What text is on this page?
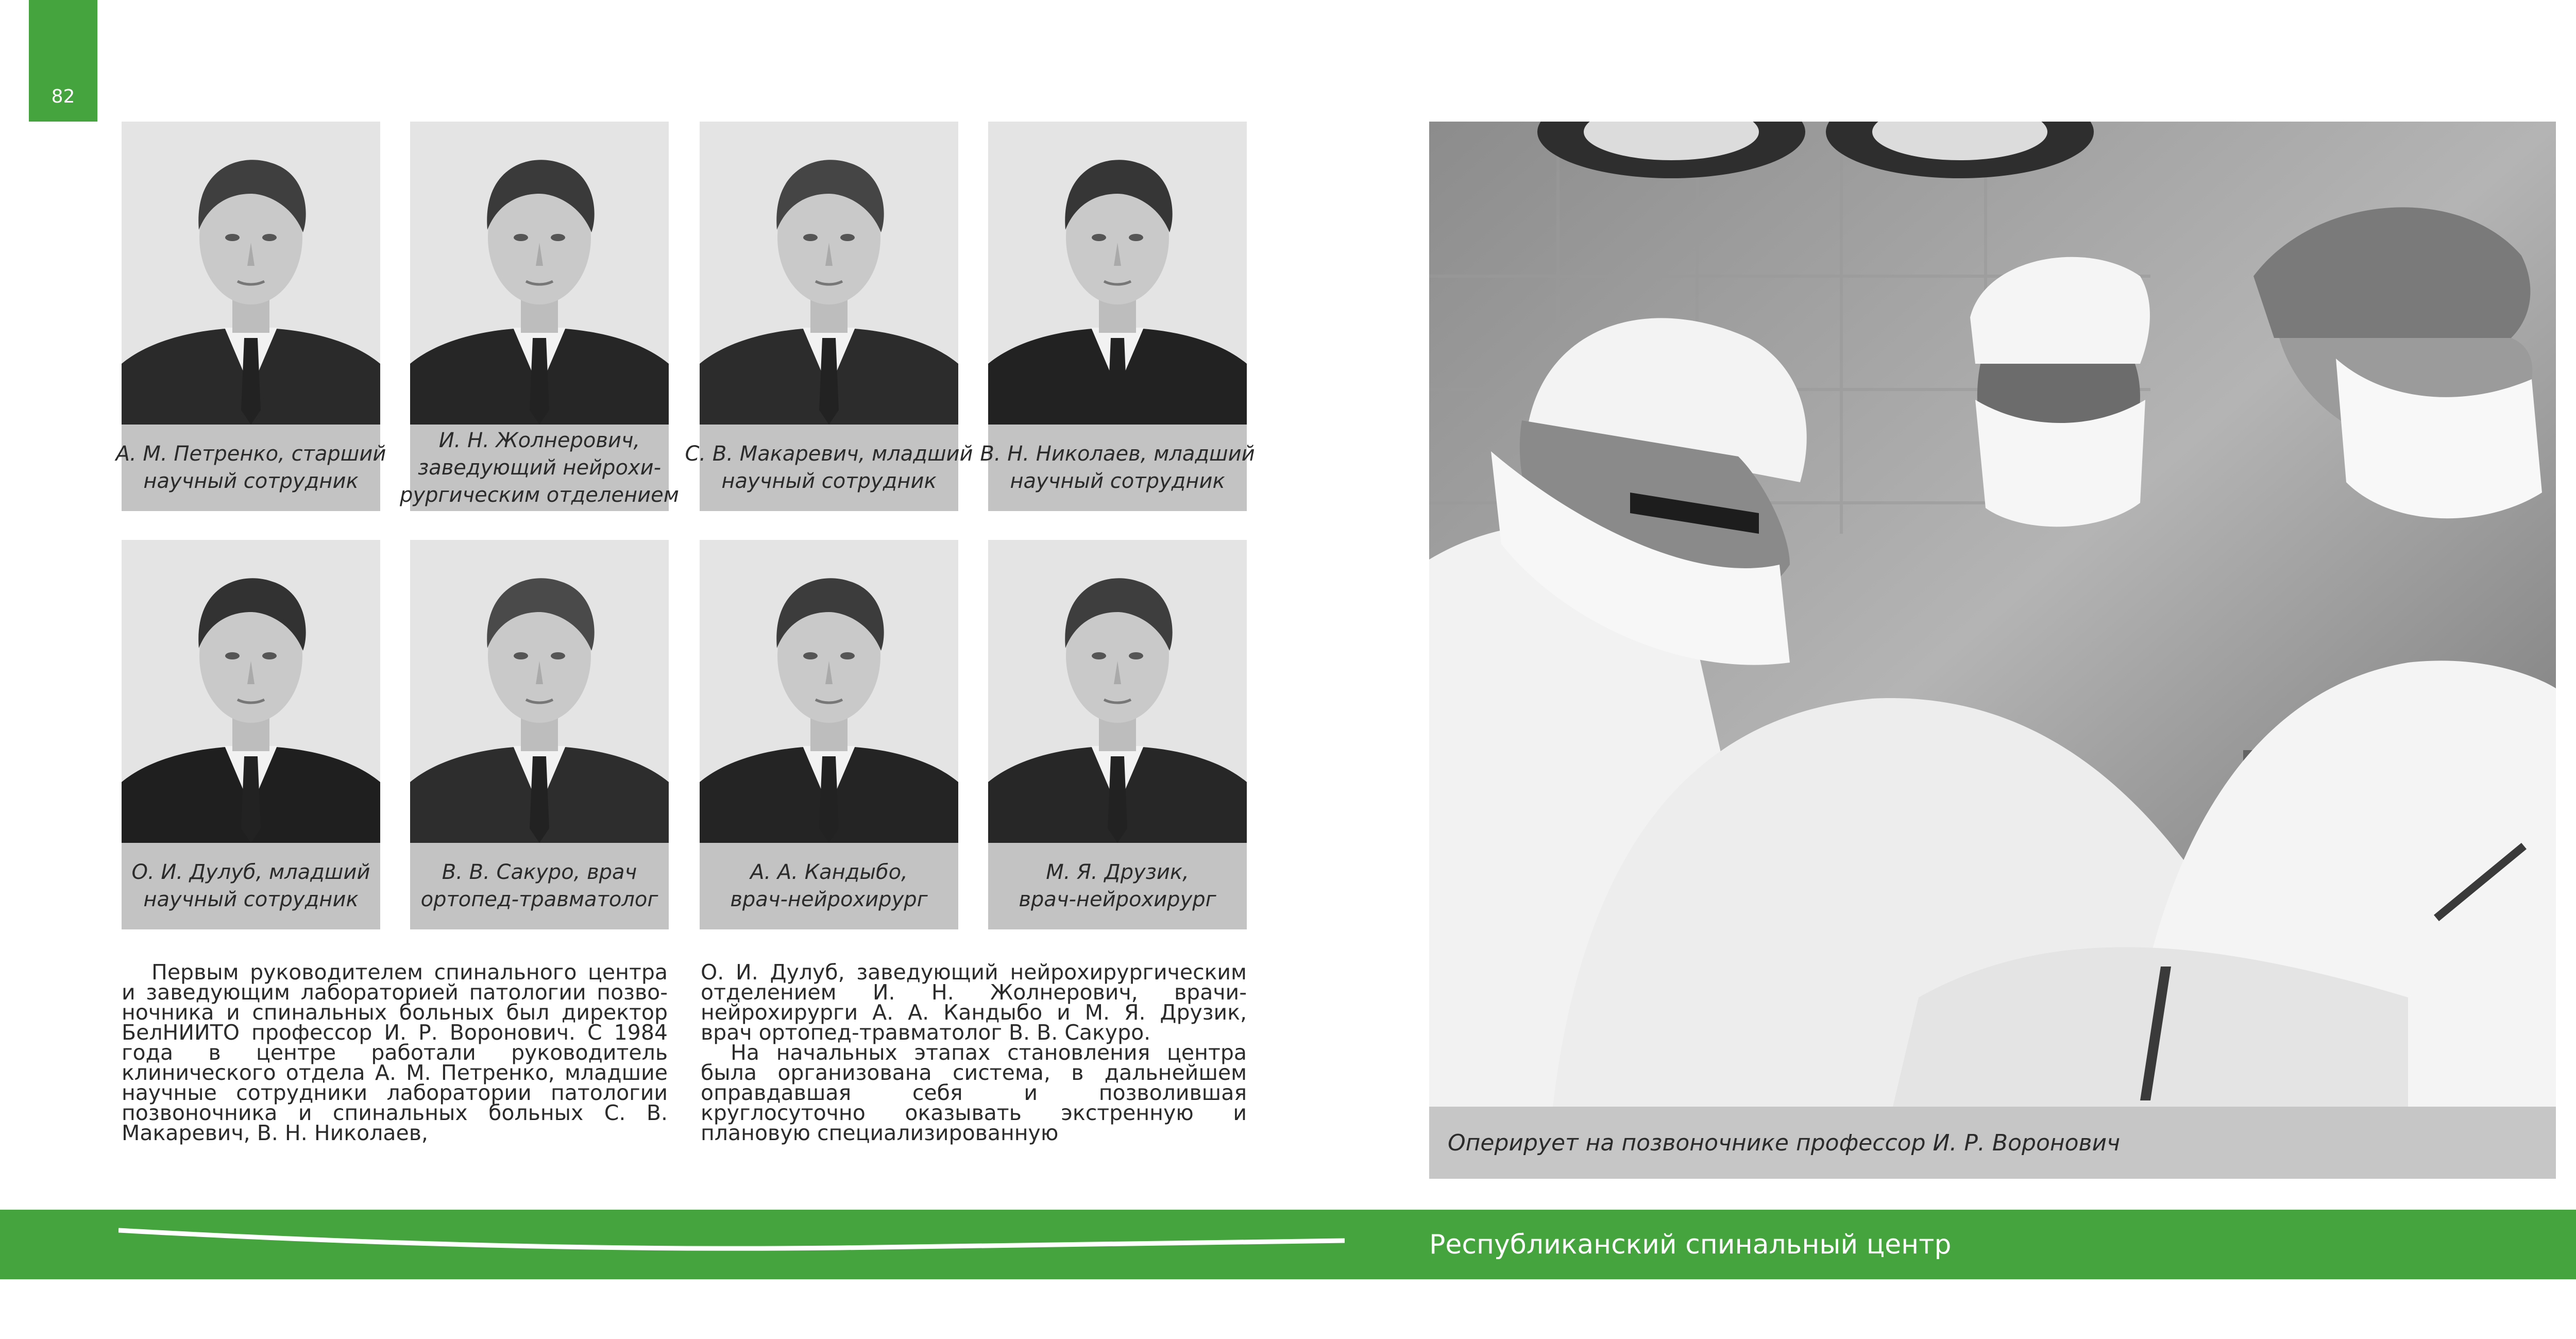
82
А. М. Петренко, старший
научный сотрудник
И. Н. Жолнерович,
заведующий нейрохи-
рургическим отделением
С. В. Макаревич, младший
научный сотрудник
В. Н. Николаев, младший
научный сотрудник
О. И. Дулуб, младший
научный сотрудник
В. В. Сакуро, врач
ортопед-травматолог
А. А. Кандыбо,
врач-нейрохирург
М. Я. Друзик,
врач-нейрохирург

Первым руководителем спинального центра и заведующим лабораторией патологии позвоночника и спинальных больных был директор БелНИИТО профессор И. Р. Воронович. С 1984 года в центре работали руководитель клинического отдела А. М. Петренко, младшие научные сотрудники лаборатории патологии позвоночника и спинальных больных С. В. Макаревич, В. Н. Николаев,

О. И. Дулуб, заведующий нейрохирургическим отделением И. Н. Жолнерович, врачи-нейрохирурги А. А. Кандыбо и М. Я. Друзик, врач ортопед-травматолог В. В. Сакуро.

На начальных этапах становления центра была организована система, в дальнейшем оправдавшая себя и позволившая круглосуточно оказывать экстренную и плановую специализированную	Оперирует на позвоночнике профессор И. Р. Воронович
Республиканский спинальный центр
